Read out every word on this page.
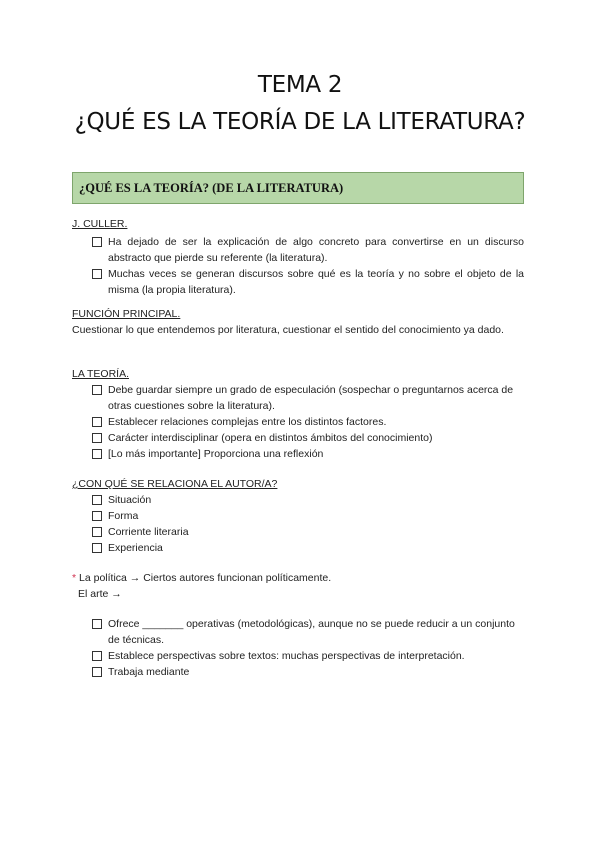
TEMA 2
¿QUÉ ES LA TEORÍA DE LA LITERATURA?
¿QUÉ ES LA TEORÍA? (DE LA LITERATURA)
J. CULLER.
Ha dejado de ser la explicación de algo concreto para convertirse en un discurso abstracto que pierde su referente (la literatura).
Muchas veces se generan discursos sobre qué es la teoría y no sobre el objeto de la misma (la propia literatura).
FUNCIÓN PRINCIPAL.
Cuestionar lo que entendemos por literatura, cuestionar el sentido del conocimiento ya dado.
LA TEORÍA.
Debe guardar siempre un grado de especulación (sospechar o preguntarnos acerca de otras cuestiones sobre la literatura).
Establecer relaciones complejas entre los distintos factores.
Carácter interdisciplinar (opera en distintos ámbitos del conocimiento)
[Lo más importante] Proporciona una reflexión
¿CON QUÉ SE RELACIONA EL AUTOR/A?
Situación
Forma
Corriente literaria
Experiencia
* La política → Ciertos autores funcionan políticamente.
El arte →
Ofrece _______ operativas (metodológicas), aunque no se puede reducir a un conjunto de técnicas.
Establece perspectivas sobre textos: muchas perspectivas de interpretación.
Trabaja mediante
